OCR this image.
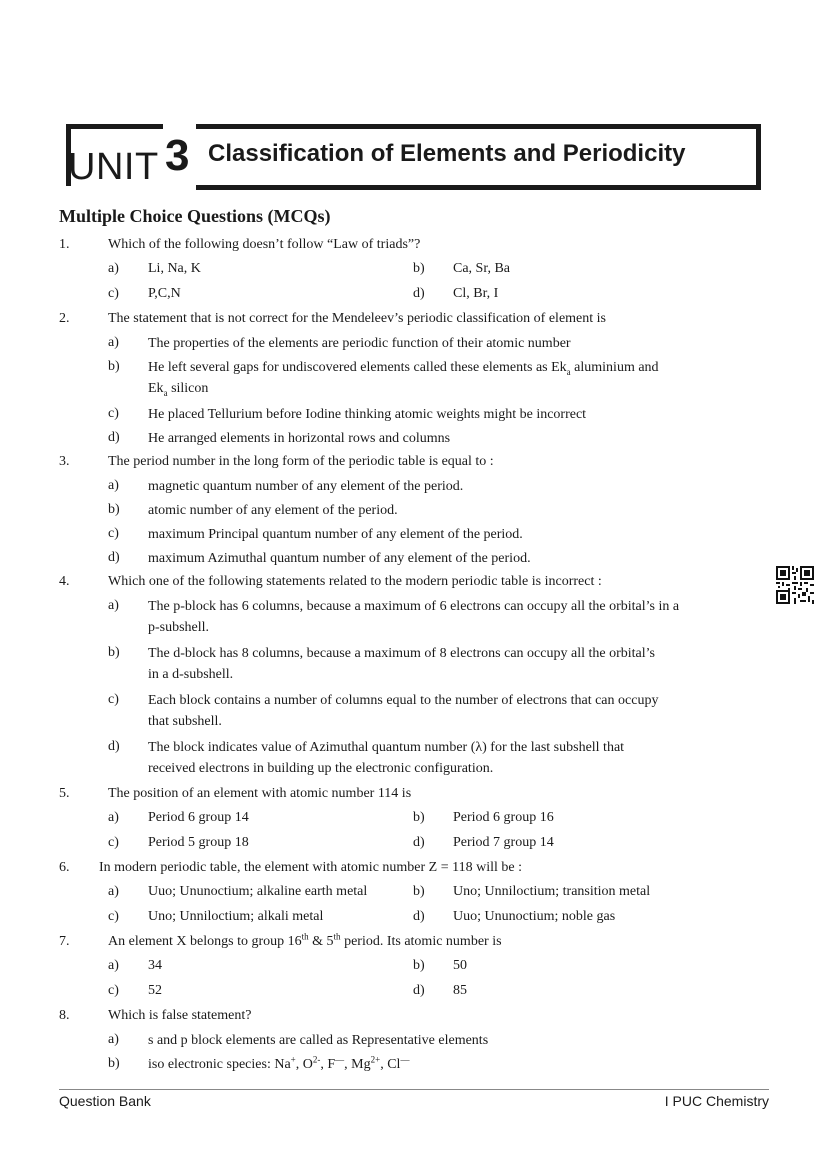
UNIT 3 Classification of Elements and Periodicity
Multiple Choice Questions (MCQs)
1.	Which of the following doesn’t follow “Law of triads”?
a) Li, Na, K	b) Ca, Sr, Ba
c) P,C,N	d) Cl, Br, I
2.	The statement that is not correct for the Mendeleev’s periodic classification of element is
a) The properties of the elements are periodic function of their atomic number
b) He left several gaps for undiscovered elements called these elements as $Ek_a$ aluminium and
$Ek_a$ silicon
c) He placed Tellurium before Iodine thinking atomic weights might be incorrect
d) He arranged elements in horizontal rows and columns
3.	The period number in the long form of the periodic table is equal to :
a) magnetic quantum number of any element of the period.
b) atomic number of any element of the period.
c) maximum Principal quantum number of any element of the period.
d) maximum Azimuthal quantum number of any element of the period.
4.	Which one of the following statements related to the modern periodic table is incorrect :
a) The p-block has 6 columns, because a maximum of 6 electrons can occupy all the orbital’s in a
p-subshell.
b) The d-block has 8 columns, because a maximum of 8 electrons can occupy all the orbital’s
in a d-subshell.
c) Each block contains a number of columns equal to the number of electrons that can occupy
that subshell.
d) The block indicates value of Azimuthal quantum number (λ) for the last subshell that
received electrons in building up the electronic configuration.
5.	The position of an element with atomic number 114 is
a) Period 6 group 14	b) Period 6 group 16
c) Period 5 group 18	d) Period 7 group 14
6. In modern periodic table, the element with atomic number Z = 118 will be :
a) Uuo; Ununoctium; alkaline earth metal	b) Uno; Unniloctium; transition metal
c) Uno; Unniloctium; alkali metal	d) Uuo; Ununoctium; noble gas
7.	An element X belongs to group 16th & 5th period. Its atomic number is
a) 34	b) 50
c) 52	d) 85
8.	Which is false statement?
a) s and p block elements are called as Representative elements
b) iso electronic species: Na+, $O^{2-}$, F—, $Mg^{2+}$, Cl—
Question Bank	I PUC Chemistry
